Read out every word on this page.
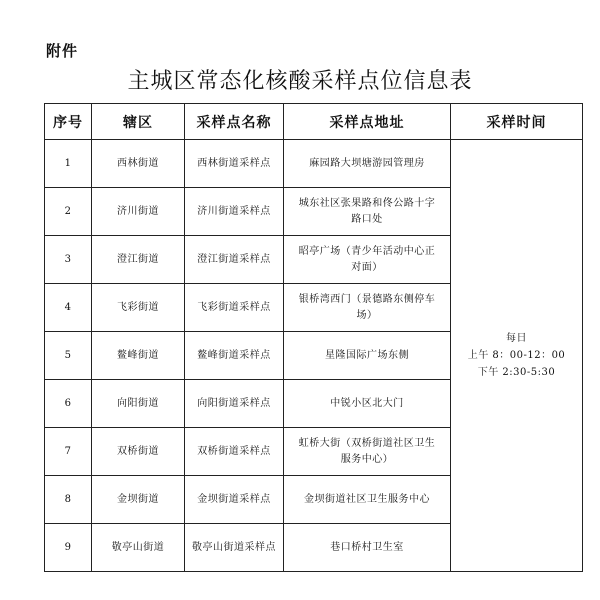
附件
主城区常态化核酸采样点位信息表
序号	辖区	采样点名称	采样点地址	采样时间
1	西林街道	西林街道采样点	麻园路大坝塘游园管理房	每日
上午 8：00-12：00
下午 2:30-5:30

2	济川街道	济川街道采样点	城东社区张果路和佟公路十字路口处	
3	澄江街道	澄江街道采样点	昭亭广场（青少年活动中心正对面）	
4	飞彩街道	飞彩街道采样点	银桥湾西门（景德路东侧停车场）	
5	鳌峰街道	鳌峰街道采样点	星隆国际广场东侧	
6	向阳街道	向阳街道采样点	中锐小区北大门	
7	双桥街道	双桥街道采样点	虹桥大街（双桥街道社区卫生服务中心）	
8	金坝街道	金坝街道采样点	金坝街道社区卫生服务中心	
9	敬亭山街道	敬亭山街道采样点	巷口桥村卫生室	
